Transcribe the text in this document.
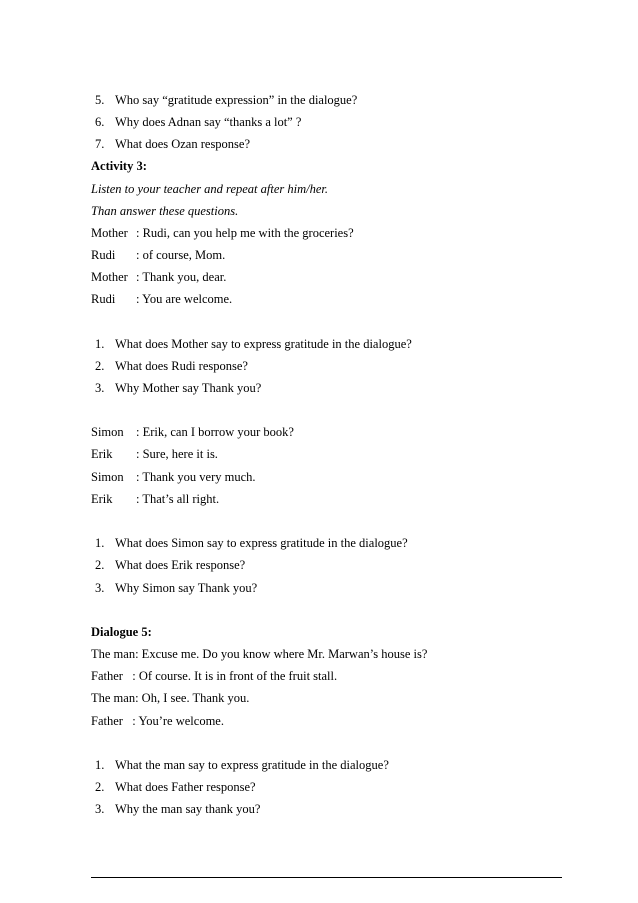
5. Who say “gratitude expression” in the dialogue?
6. Why does Adnan say “thanks a lot” ?
7. What does Ozan response?
Activity 3:
Listen to your teacher and repeat after him/her.
Than answer these questions.
Mother : Rudi, can you help me with the groceries?
Rudi : of course, Mom.
Mother : Thank you, dear.
Rudi : You are welcome.
1. What does Mother say to express gratitude in the dialogue?
2. What does Rudi response?
3. Why Mother say Thank you?
Simon : Erik, can I borrow your book?
Erik : Sure, here it is.
Simon : Thank you very much.
Erik : That’s all right.
1. What does Simon say to express gratitude in the dialogue?
2. What does Erik response?
3. Why Simon say Thank you?
Dialogue 5:
The man: Excuse me. Do you know where Mr. Marwan’s house is?
Father   : Of course. It is in front of the fruit stall.
The man: Oh, I see. Thank you.
Father   : You’re welcome.
1. What the man say to express gratitude in the dialogue?
2. What does Father response?
3. Why the man say thank you?
